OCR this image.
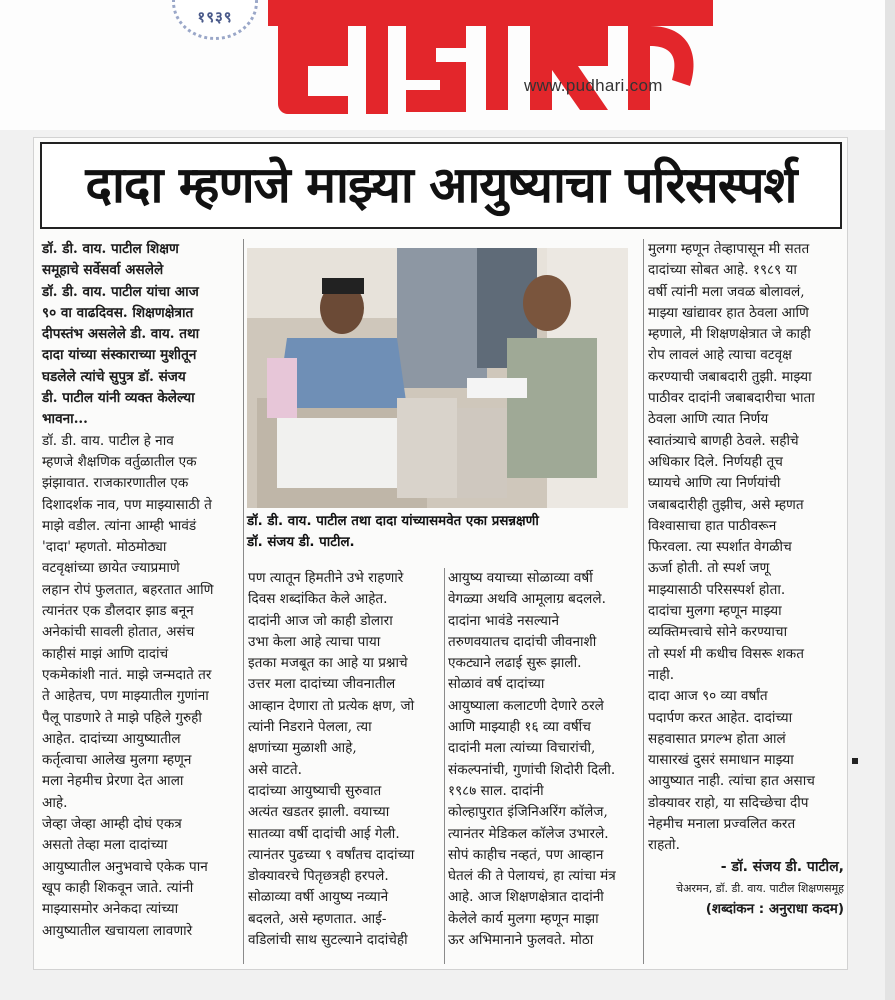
१९३९
www.pudhari.com
दादा म्हणजे माझ्या आयुष्याचा परिसस्पर्श

डॉ. डी. वाय. पाटील शिक्षण

समूहाचे सर्वेसर्वा असलेले

डॉ. डी. वाय. पाटील यांचा आज

९० वा वाढदिवस. शिक्षणक्षेत्रात

दीपस्तंभ असलेले डी. वाय. तथा

दादा यांच्या संस्काराच्या मुशीतून

घडलेले त्यांचे सुपुत्र डॉ. संजय

डी. पाटील यांनी व्यक्त केलेल्या

भावना...

डॉ. डी. वाय. पाटील हे नाव

म्हणजे शैक्षणिक वर्तुळातील एक

झंझावात. राजकारणातील एक

दिशादर्शक नाव, पण माझ्यासाठी ते

माझे वडील. त्यांना आम्ही भावंडं

'दादा' म्हणतो. मोठमोठ्या

वटवृक्षांच्या छायेत ज्याप्रमाणे

लहान रोपं फुलतात, बहरतात आणि

त्यानंतर एक डौलदार झाड बनून

अनेकांची सावली होतात, असंच

काहीसं माझं आणि दादांचं

एकमेकांशी नातं. माझे जन्मदाते तर

ते आहेतच, पण माझ्यातील गुणांना

पैलू पाडणारे ते माझे पहिले गुरुही

आहेत. दादांच्या आयुष्यातील

कर्तृत्वाचा आलेख मुलगा म्हणून

मला नेहमीच प्रेरणा देत आला

आहे.

जेव्हा जेव्हा आम्ही दोघं एकत्र

असतो तेव्हा मला दादांच्या

आयुष्यातील अनुभवाचे एकेक पान

खूप काही शिकवून जाते. त्यांनी

माझ्यासमोर अनेकदा त्यांच्या

आयुष्यातील खचायला लावणारे

डॉ. डी. वाय. पाटील तथा दादा यांच्यासमवेत एका प्रसन्नक्षणी

डॉ. संजय डी. पाटील.

पण त्यातून हिमतीने उभे राहणारे

दिवस शब्दांकित केले आहेत.

दादांनी आज जो काही डोलारा

उभा केला आहे त्याचा पाया

इतका मजबूत का आहे या प्रश्नाचे

उत्तर मला दादांच्या जीवनातील

आव्हान देणारा तो प्रत्येक क्षण, जो

त्यांनी निडराने पेलला, त्या

क्षणांच्या मुळाशी आहे,

असे वाटते.

दादांच्या आयुष्याची सुरुवात

अत्यंत खडतर झाली. वयाच्या

सातव्या वर्षी दादांची आई गेली.

त्यानंतर पुढच्या ९ वर्षांतच दादांच्या

डोक्यावरचे पितृछत्रही हरपले.

सोळाव्या वर्षी आयुष्य नव्याने

बदलते, असे म्हणतात. आई-

वडिलांची साथ सुटल्याने दादांचेही

आयुष्य वयाच्या सोळाव्या वर्षी

वेगळ्या अथवि आमूलाग्र बदलले.

दादांना भावंडे नसल्याने

तरुणवयातच दादांची जीवनाशी

एकट्याने लढाई सुरू झाली.

सोळावं वर्ष दादांच्या

आयुष्याला कलाटणी देणारे ठरले

आणि माझ्याही १६ व्या वर्षीच

दादांनी मला त्यांच्या विचारांची,

संकल्पनांची, गुणांची शिदोरी दिली.

१९८७ साल. दादांनी

कोल्हापुरात इंजिनिअरिंग कॉलेज,

त्यानंतर मेडिकल कॉलेज उभारले.

सोपं काहीच नव्हतं, पण आव्हान

घेतलं की ते पेलायचं, हा त्यांचा मंत्र

आहे. आज शिक्षणक्षेत्रात दादांनी

केलेले कार्य मुलगा म्हणून माझा

ऊर अभिमानाने फुलवते. मोठा

मुलगा म्हणून तेव्हापासून मी सतत

दादांच्या सोबत आहे. १९८९ या

वर्षी त्यांनी मला जवळ बोलावलं,

माझ्या खांद्यावर हात ठेवला आणि

म्हणाले, मी शिक्षणक्षेत्रात जे काही

रोप लावलं आहे त्याचा वटवृक्ष

करण्याची जबाबदारी तुझी. माझ्या

पाठीवर दादांनी जबाबदारीचा भाता

ठेवला आणि त्यात निर्णय

स्वातंत्र्याचे बाणही ठेवले. सहीचे

अधिकार दिले. निर्णयही तूच

घ्यायचे आणि त्या निर्णयांची

जबाबदारीही तुझीच, असे म्हणत

विश्वासाचा हात पाठीवरून

फिरवला. त्या स्पर्शात वेगळीच

ऊर्जा होती. तो स्पर्श जणू

माझ्यासाठी परिसस्पर्श होता.

दादांचा मुलगा म्हणून माझ्या

व्यक्तिमत्त्वाचे सोने करण्याचा

तो स्पर्श मी कधीच विसरू शकत

नाही.

दादा आज ९० व्या वर्षांत

पदार्पण करत आहेत. दादांच्या

सहवासात प्रगल्भ होता आलं

यासारखं दुसरं समाधान माझ्या

आयुष्यात नाही. त्यांचा हात असाच

डोक्यावर राहो, या सदिच्छेचा दीप

नेहमीच मनाला प्रज्वलित करत

राहतो.

- डॉ. संजय डी. पाटील,

चेअरमन, डॉ. डी. वाय. पाटील शिक्षणसमूह

(शब्दांकन : अनुराधा कदम)
